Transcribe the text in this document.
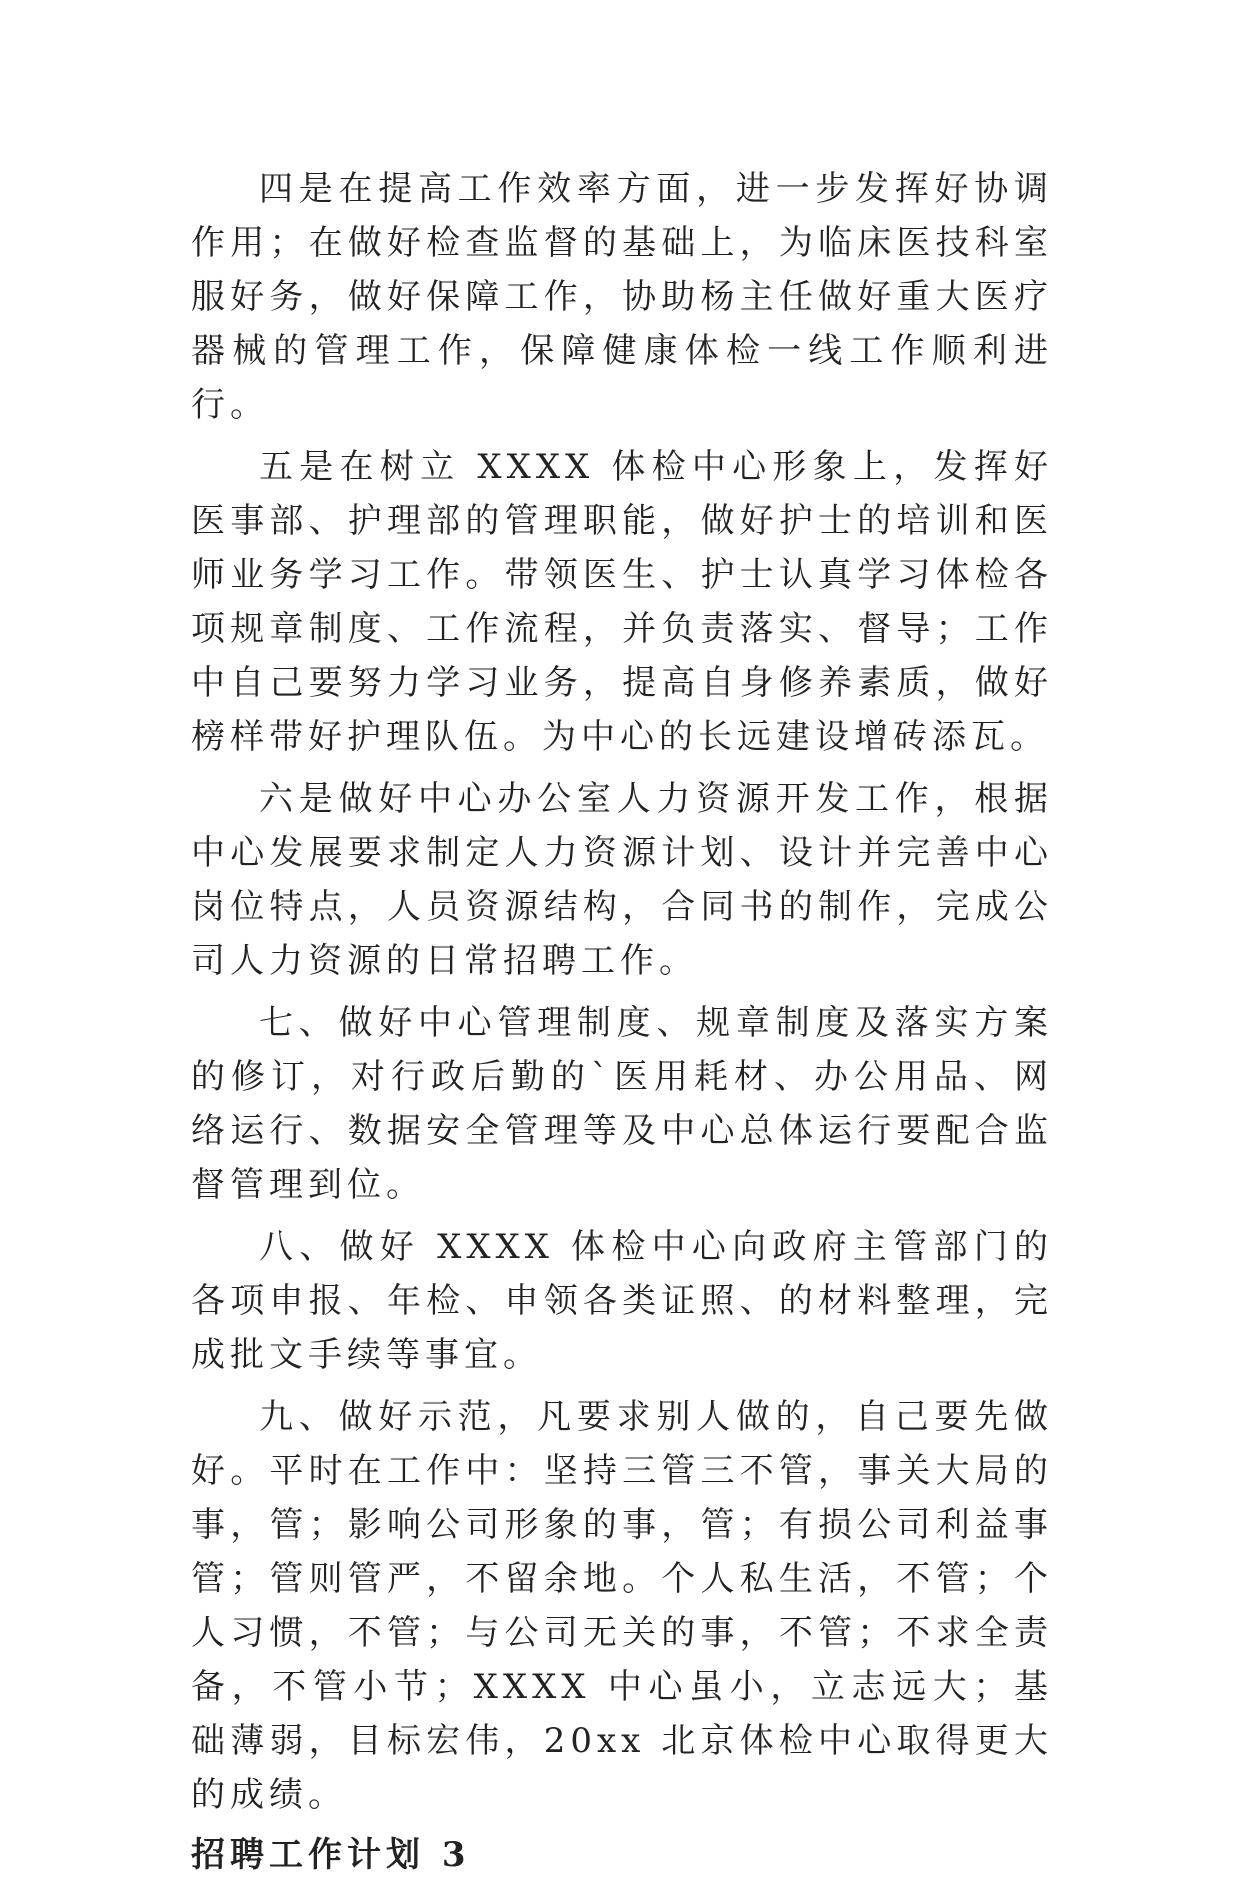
四是在提高工作效率方面，进一步发挥好协调作用；在做好检查监督的基础上，为临床医技科室服好务，做好保障工作，协助杨主任做好重大医疗器械的管理工作，保障健康体检一线工作顺利进行。

五是在树立 XXXX 体检中心形象上，发挥好医事部、护理部的管理职能，做好护士的培训和医师业务学习工作。带领医生、护士认真学习体检各项规章制度、工作流程，并负责落实、督导；工作中自己要努力学习业务，提高自身修养素质，做好榜样带好护理队伍。为中心的长远建设增砖添瓦。

六是做好中心办公室人力资源开发工作，根据中心发展要求制定人力资源计划、设计并完善中心岗位特点，人员资源结构，合同书的制作，完成公司人力资源的日常招聘工作。

七、做好中心管理制度、规章制度及落实方案的修订，对行政后勤的`医用耗材、办公用品、网络运行、数据安全管理等及中心总体运行要配合监督管理到位。

八、做好 XXXX 体检中心向政府主管部门的各项申报、年检、申领各类证照、的材料整理，完成批文手续等事宜。

九、做好示范，凡要求别人做的，自己要先做好。平时在工作中：坚持三管三不管，事关大局的事，管；影响公司形象的事，管；有损公司利益事管；管则管严，不留余地。个人私生活，不管；个人习惯，不管；与公司无关的事，不管；不求全责备，不管小节；XXXX 中心虽小，立志远大；基础薄弱，目标宏伟，20xx 北京体检中心取得更大的成绩。

招聘工作计划 3
